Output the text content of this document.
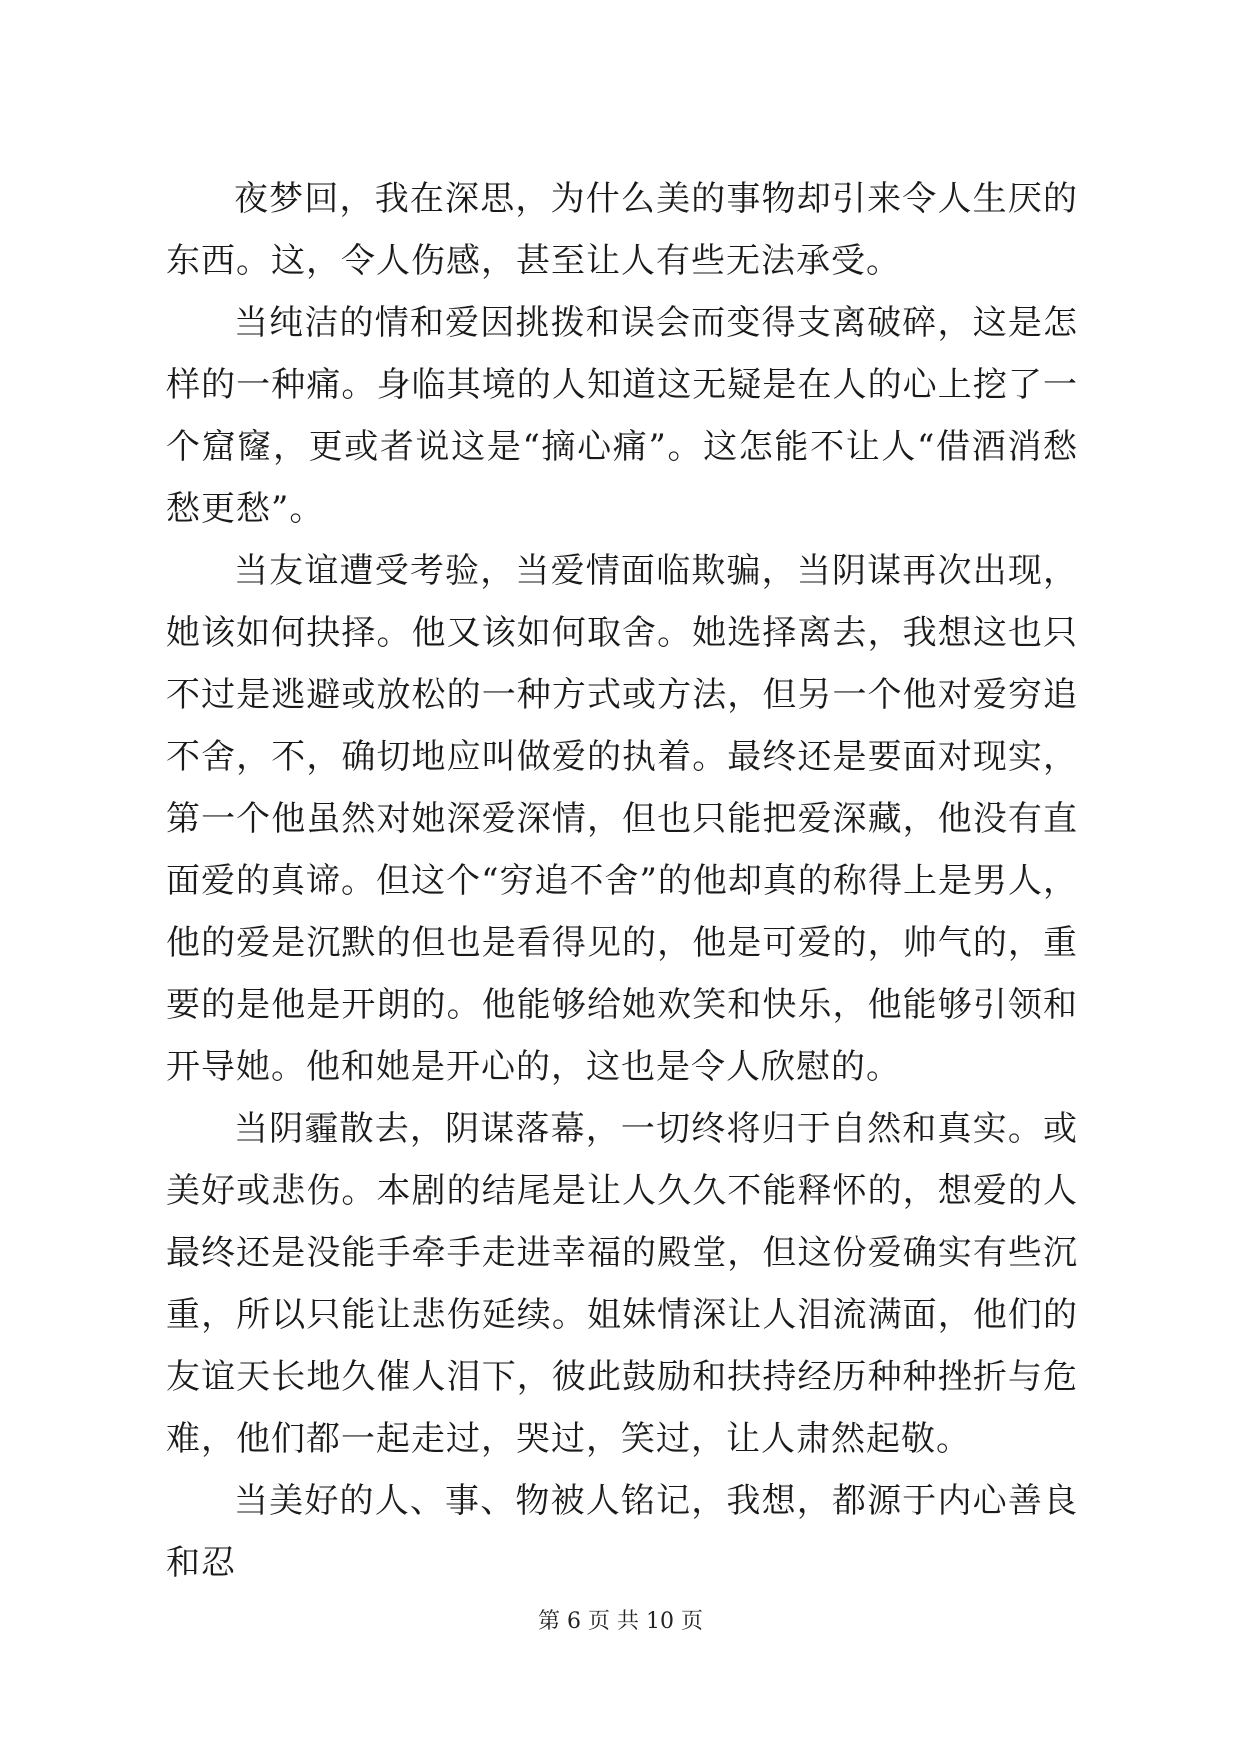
夜梦回，我在深思，为什么美的事物却引来令人生厌的东西。这，令人伤感，甚至让人有些无法承受。

当纯洁的情和爱因挑拨和误会而变得支离破碎，这是怎样的一种痛。身临其境的人知道这无疑是在人的心上挖了一个窟窿，更或者说这是“摘心痛”。这怎能不让人“借酒消愁愁更愁”。

当友谊遭受考验，当爱情面临欺骗，当阴谋再次出现，她该如何抉择。他又该如何取舍。她选择离去，我想这也只不过是逃避或放松的一种方式或方法，但另一个他对爱穷追不舍，不，确切地应叫做爱的执着。最终还是要面对现实，第一个他虽然对她深爱深情，但也只能把爱深藏，他没有直面爱的真谛。但这个“穷追不舍”的他却真的称得上是男人，他的爱是沉默的但也是看得见的，他是可爱的，帅气的，重要的是他是开朗的。他能够给她欢笑和快乐，他能够引领和开导她。他和她是开心的，这也是令人欣慰的。

当阴霾散去，阴谋落幕，一切终将归于自然和真实。或美好或悲伤。本剧的结尾是让人久久不能释怀的，想爱的人最终还是没能手牵手走进幸福的殿堂，但这份爱确实有些沉重，所以只能让悲伤延续。姐妹情深让人泪流满面，他们的友谊天长地久催人泪下，彼此鼓励和扶持经历种种挫折与危难，他们都一起走过，哭过，笑过，让人肃然起敬。

当美好的人、事、物被人铭记，我想，都源于内心善良和忍

第 6 页 共 10 页
